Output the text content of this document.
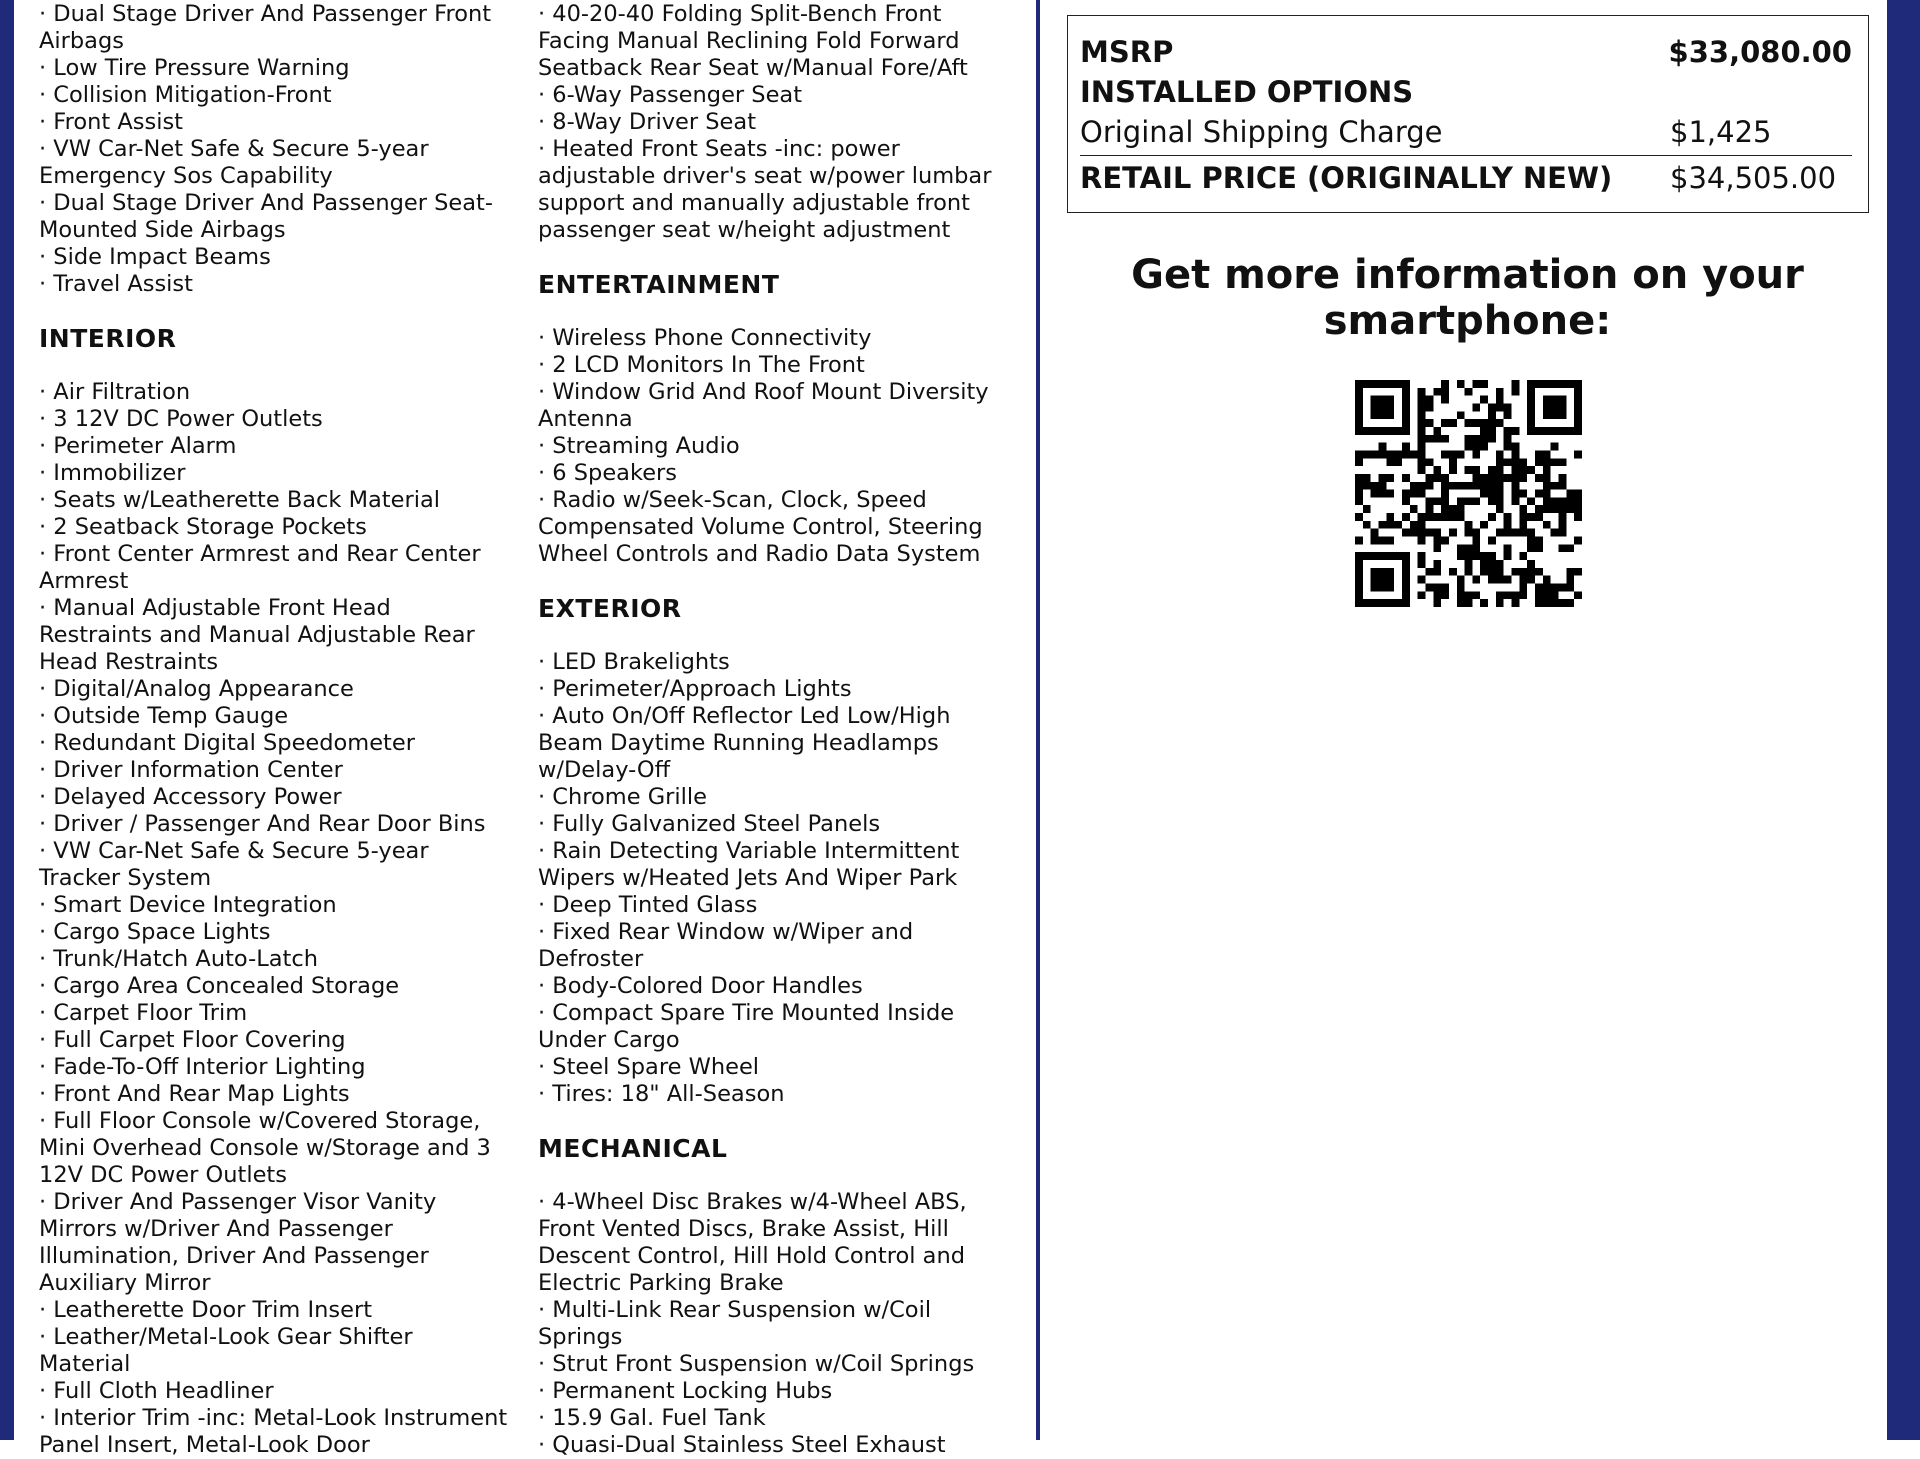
· Dual Stage Driver And Passenger Front Airbags
· Low Tire Pressure Warning
· Collision Mitigation-Front
· Front Assist
· VW Car-Net Safe & Secure 5-year Emergency Sos Capability
· Dual Stage Driver And Passenger Seat-Mounted Side Airbags
· Side Impact Beams
· Travel Assist
INTERIOR
· Air Filtration
· 3 12V DC Power Outlets
· Perimeter Alarm
· Immobilizer
· Seats w/Leatherette Back Material
· 2 Seatback Storage Pockets
· Front Center Armrest and Rear Center Armrest
· Manual Adjustable Front Head Restraints and Manual Adjustable Rear Head Restraints
· Digital/Analog Appearance
· Outside Temp Gauge
· Redundant Digital Speedometer
· Driver Information Center
· Delayed Accessory Power
· Driver / Passenger And Rear Door Bins
· VW Car-Net Safe & Secure 5-year Tracker System
· Smart Device Integration
· Cargo Space Lights
· Trunk/Hatch Auto-Latch
· Cargo Area Concealed Storage
· Carpet Floor Trim
· Full Carpet Floor Covering
· Fade-To-Off Interior Lighting
· Front And Rear Map Lights
· Full Floor Console w/Covered Storage, Mini Overhead Console w/Storage and 3 12V DC Power Outlets
· Driver And Passenger Visor Vanity Mirrors w/Driver And Passenger Illumination, Driver And Passenger Auxiliary Mirror
· Leatherette Door Trim Insert
· Leather/Metal-Look Gear Shifter Material
· Full Cloth Headliner
· Interior Trim -inc: Metal-Look Instrument Panel Insert, Metal-Look Door
· 40-20-40 Folding Split-Bench Front Facing Manual Reclining Fold Forward Seatback Rear Seat w/Manual Fore/Aft
· 6-Way Passenger Seat
· 8-Way Driver Seat
· Heated Front Seats -inc: power adjustable driver's seat w/power lumbar support and manually adjustable front passenger seat w/height adjustment
ENTERTAINMENT
· Wireless Phone Connectivity
· 2 LCD Monitors In The Front
· Window Grid And Roof Mount Diversity Antenna
· Streaming Audio
· 6 Speakers
· Radio w/Seek-Scan, Clock, Speed Compensated Volume Control, Steering Wheel Controls and Radio Data System
EXTERIOR
· LED Brakelights
· Perimeter/Approach Lights
· Auto On/Off Reflector Led Low/High Beam Daytime Running Headlamps w/Delay-Off
· Chrome Grille
· Fully Galvanized Steel Panels
· Rain Detecting Variable Intermittent Wipers w/Heated Jets And Wiper Park
· Deep Tinted Glass
· Fixed Rear Window w/Wiper and Defroster
· Body-Colored Door Handles
· Compact Spare Tire Mounted Inside Under Cargo
· Steel Spare Wheel
· Tires: 18" All-Season
MECHANICAL
· 4-Wheel Disc Brakes w/4-Wheel ABS, Front Vented Discs, Brake Assist, Hill Descent Control, Hill Hold Control and Electric Parking Brake
· Multi-Link Rear Suspension w/Coil Springs
· Strut Front Suspension w/Coil Springs
· Permanent Locking Hubs
· 15.9 Gal. Fuel Tank
· Quasi-Dual Stainless Steel Exhaust
MSRP	$33,080.00
INSTALLED OPTIONS
Original Shipping Charge	$1,425
RETAIL PRICE (ORIGINALLY NEW)	$34,505.00
Get more information on your smartphone:
